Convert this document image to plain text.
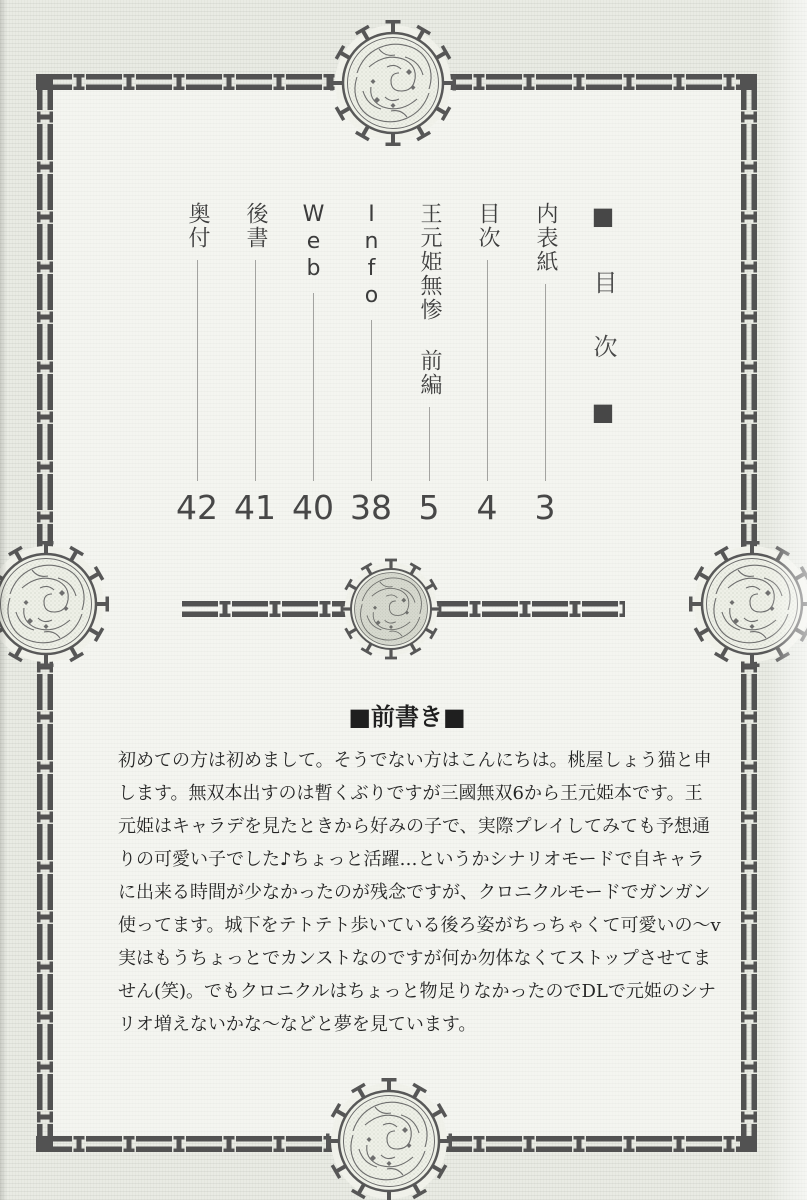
奥付
42
後書
41
Web
40
Info
38
王元姫無惨 前編
5
目次
4
内表紙
3
■目次■
■前書き■
初めての方は初めまして。そうでない方はこんにちは。桃屋しょう猫と申
します。無双本出すのは暫くぶりですが三國無双6から王元姫本です。王
元姫はキャラデを見たときから好みの子で、実際プレイしてみても予想通
りの可愛い子でした♪ちょっと活躍…というかシナリオモードで自キャラ
に出来る時間が少なかったのが残念ですが、クロニクルモードでガンガン
使ってます。城下をテトテト歩いている後ろ姿がちっちゃくて可愛いの〜v
実はもうちょっとでカンストなのですが何か勿体なくてストップさせてま
せん(笑)。でもクロニクルはちょっと物足りなかったのでDLで元姫のシナ
リオ増えないかな〜などと夢を見ています。
